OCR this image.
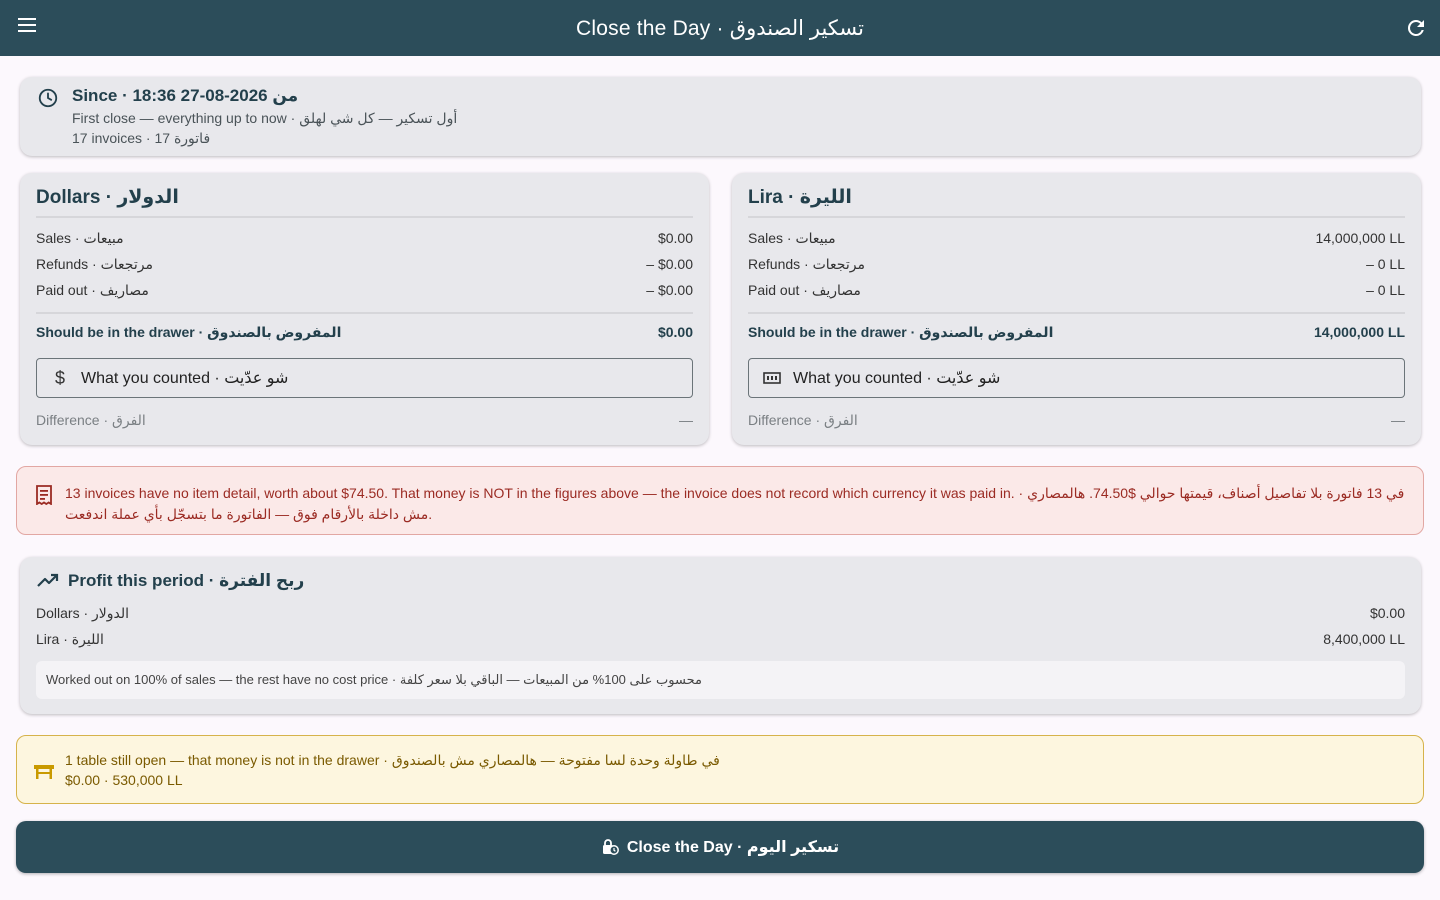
Close the Day · تسكير الصندوق
Since · 18:36 27-08-2026 من
First close — everything up to now · أول تسكير — كل شي لهلق
17 invoices · 17 فاتورة
Dollars · الدولار
Sales · مبيعات	$0.00
Refunds · مرتجعات	– $0.00
Paid out · مصاريف	– $0.00
Should be in the drawer · المفروض بالصندوق	$0.00
$	What you counted · شو عدّيت
Difference · الفرق	—
Lira · الليرة
Sales · مبيعات	14,000,000 LL
Refunds · مرتجعات	– 0 LL
Paid out · مصاريف	– 0 LL
Should be in the drawer · المفروض بالصندوق	14,000,000 LL
What you counted · شو عدّيت
Difference · الفرق	—
13 invoices have no item detail, worth about $74.50. That money is NOT in the figures above — the invoice does not record which currency it was paid in. · في 13 فاتورة بلا تفاصيل أصناف، قيمتها حوالي $74.50. هالمصاري مش داخلة بالأرقام فوق — الفاتورة ما بتسجّل بأي عملة اندفعت.
Profit this period · ربح الفترة
Dollars · الدولار	$0.00
Lira · الليرة	8,400,000 LL
Worked out on 100% of sales — the rest have no cost price · محسوب على 100% من المبيعات — الباقي بلا سعر كلفة
1 table still open — that money is not in the drawer · في طاولة وحدة لسا مفتوحة — هالمصاري مش بالصندوق
$0.00 · 530,000 LL
Close the Day · تسكير اليوم
